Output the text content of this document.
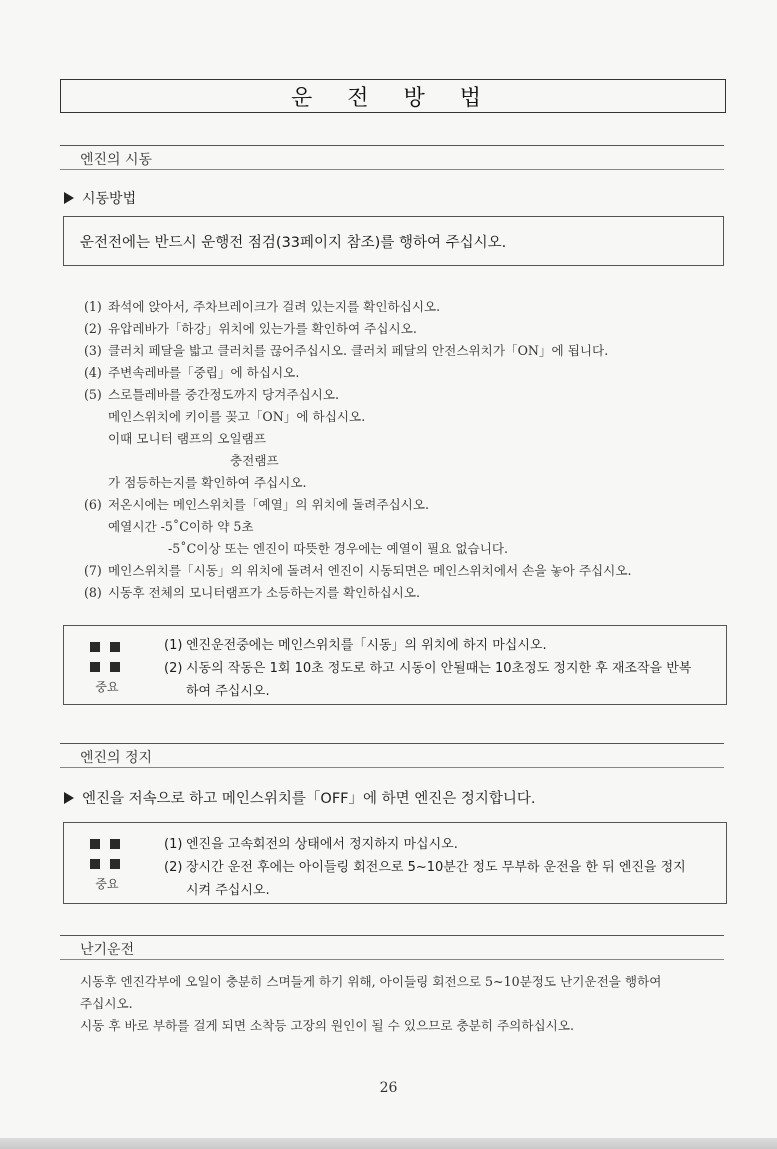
운 전 방 법
엔진의 시동
시동방법
운전전에는 반드시 운행전 점검(33페이지 참조)를 행하여 주십시오.
(1) 좌석에 앉아서, 주차브레이크가 걸려 있는지를 확인하십시오.
(2) 유압레바가「하강」위치에 있는가를 확인하여 주십시오.
(3) 클러치 페달을 밟고 클러치를 끊어주십시오. 클러치 페달의 안전스위치가「ON」에 됩니다.
(4) 주변속레바를「중립」에 하십시오.
(5) 스로틀레바를 중간정도까지 당겨주십시오.
메인스위치에 키이를 꽂고「ON」에 하십시오.
이때 모니터 램프의 오일램프
충전램프
가 점등하는지를 확인하여 주십시오.
(6) 저온시에는 메인스위치를「예열」의 위치에 돌려주십시오.
예열시간 -5˚C이하 약 5초
-5˚C이상 또는 엔진이 따뜻한 경우에는 예열이 필요 없습니다.
(7) 메인스위치를「시동」의 위치에 돌려서 엔진이 시동되면은 메인스위치에서 손을 놓아 주십시오.
(8) 시동후 전체의 모니터램프가 소등하는지를 확인하십시오.
중요
(1) 엔진운전중에는 메인스위치를「시동」의 위치에 하지 마십시오.
(2) 시동의 작동은 1회 10초 정도로 하고 시동이 안될때는 10초정도 정지한 후 재조작을 반복
하여 주십시오.
엔진의 정지
엔진을 저속으로 하고 메인스위치를「OFF」에 하면 엔진은 정지합니다.
중요
(1) 엔진을 고속회전의 상태에서 정지하지 마십시오.
(2) 장시간 운전 후에는 아이들링 회전으로 5~10분간 정도 무부하 운전을 한 뒤 엔진을 정지
시켜 주십시오.
난기운전
시동후 엔진각부에 오일이 충분히 스며들게 하기 위해, 아이들링 회전으로 5~10분정도 난기운전을 행하여
주십시오.
시동 후 바로 부하를 걸게 되면 소착등 고장의 원인이 될 수 있으므로 충분히 주의하십시오.
26
